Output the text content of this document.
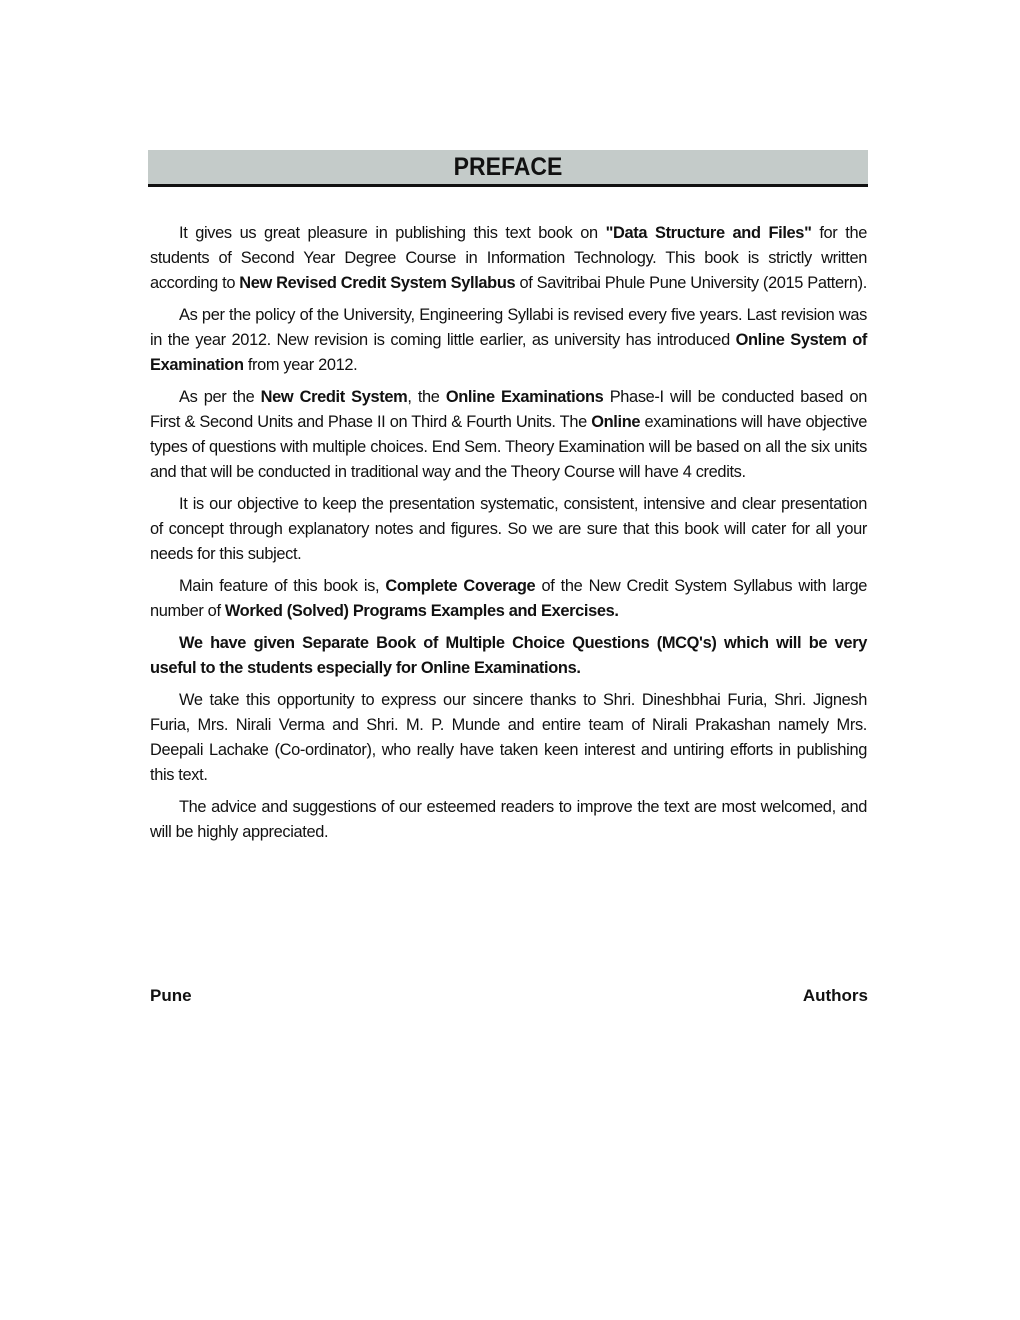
PREFACE

It gives us great pleasure in publishing this text book on "Data Structure and Files" for the students of Second Year Degree Course in Information Technology. This book is strictly written according to New Revised Credit System Syllabus of Savitribai Phule Pune University (2015 Pattern).

As per the policy of the University, Engineering Syllabi is revised every five years. Last revision was in the year 2012. New revision is coming little earlier, as university has introduced Online System of Examination from year 2012.

As per the New Credit System, the Online Examinations Phase-I will be conducted based on First & Second Units and Phase II on Third & Fourth Units. The Online examinations will have objective types of questions with multiple choices. End Sem. Theory Examination will be based on all the six units and that will be conducted in traditional way and the Theory Course will have 4 credits.

It is our objective to keep the presentation systematic, consistent, intensive and clear presentation of concept through explanatory notes and figures. So we are sure that this book will cater for all your needs for this subject.

Main feature of this book is, Complete Coverage of the New Credit System Syllabus with large number of Worked (Solved) Programs Examples and Exercises.

We have given Separate Book of Multiple Choice Questions (MCQ's) which will be very useful to the students especially for Online Examinations.

We take this opportunity to express our sincere thanks to Shri. Dineshbhai Furia, Shri. Jignesh Furia, Mrs. Nirali Verma and Shri. M. P. Munde and entire team of Nirali Prakashan namely Mrs. Deepali Lachake (Co-ordinator), who really have taken keen interest and untiring efforts in publishing this text.

The advice and suggestions of our esteemed readers to improve the text are most welcomed, and will be highly appreciated.

Pune	Authors
